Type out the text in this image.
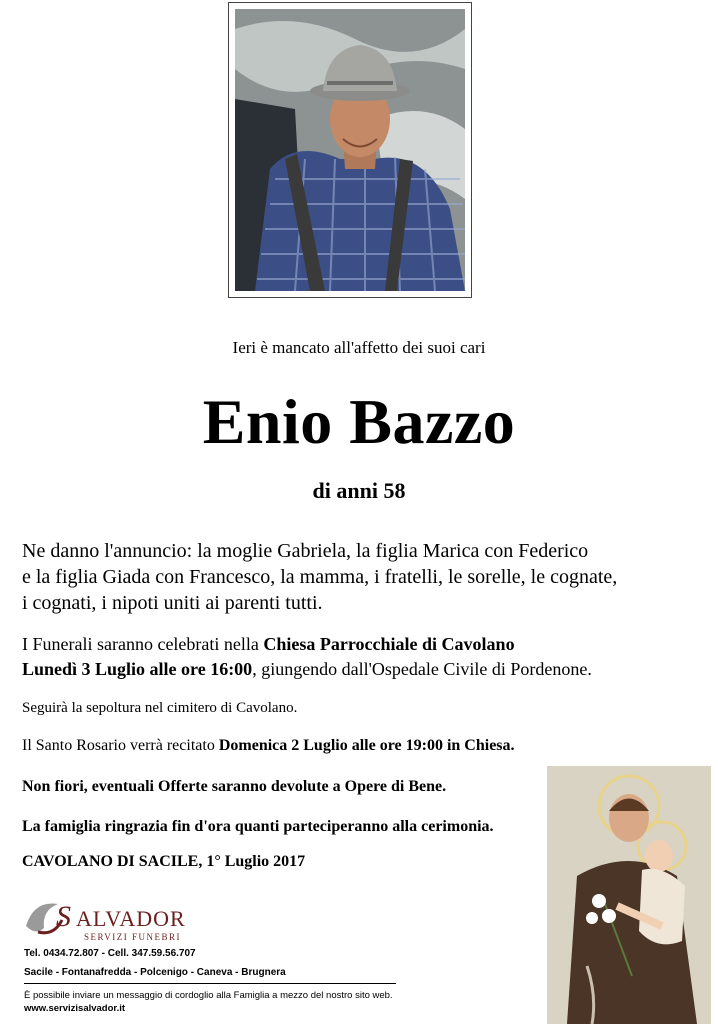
Ieri è mancato all'affetto dei suoi cari
Enio Bazzo
di anni 58
Ne danno l'annuncio: la moglie Gabriela, la figlia Marica con Federico
e la figlia Giada con Francesco, la mamma, i fratelli, le sorelle, le cognate,
i cognati, i nipoti uniti ai parenti tutti.
I Funerali saranno celebrati nella Chiesa Parrocchiale di Cavolano
Lunedì 3 Luglio alle ore 16:00, giungendo dall'Ospedale Civile di Pordenone.
Seguirà la sepoltura nel cimitero di Cavolano.
Il Santo Rosario verrà recitato Domenica 2 Luglio alle ore 19:00 in Chiesa.
Non fiori, eventuali Offerte saranno devolute a Opere di Bene.
La famiglia ringrazia fin d'ora quanti parteciperanno alla cerimonia.
CAVOLANO DI SACILE, 1° Luglio 2017
S ALVADOR
SERVIZI FUNEBRI
Tel. 0434.72.807 - Cell. 347.59.56.707
Sacile - Fontanafredda - Polcenigo - Caneva - Brugnera
È possibile inviare un messaggio di cordoglio alla Famiglia a mezzo del nostro sito web.
www.servizisalvador.it
